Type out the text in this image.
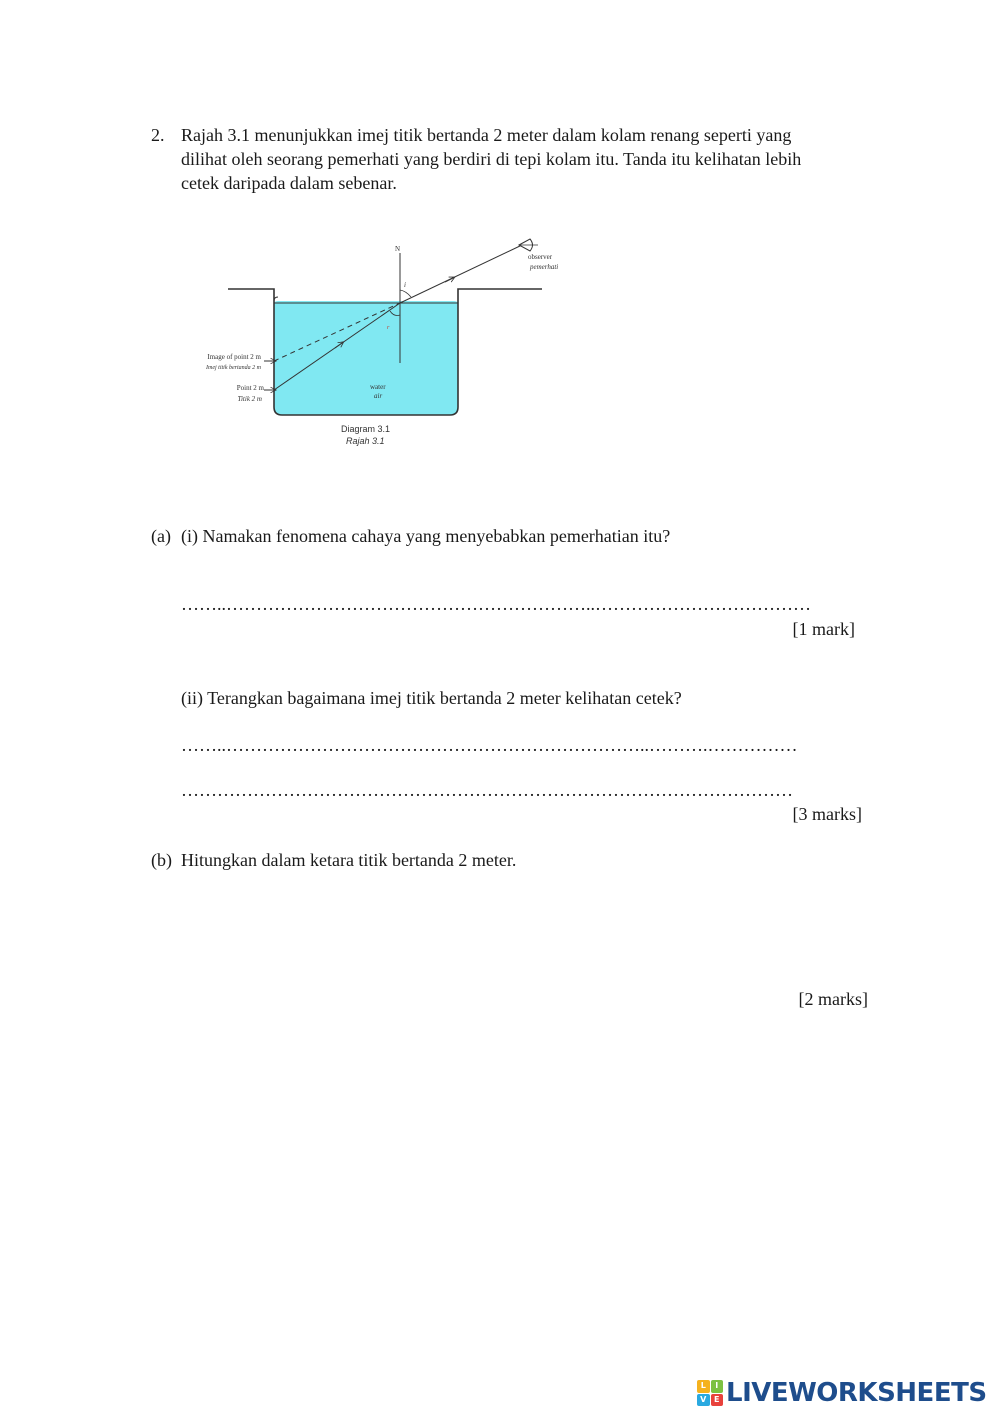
2. Rajah 3.1 menunjukkan imej titik bertanda 2 meter dalam kolam renang seperti yang
dilihat oleh seorang pemerhati yang berdiri di tepi kolam itu. Tanda itu kelihatan lebih
cetek daripada dalam sebenar.
N
i
r
observer
pemerhati
Image of point 2 m
Imej titik bertanda 2 m
Point 2 m
Titik 2 m
water
air
Diagram 3.1
Rajah 3.1
(a) (i) Namakan fenomena cahaya yang menyebabkan pemerhatian itu?
……..……………………………………………………..………………………………
[1 mark]
(ii) Terangkan bagaimana imej titik bertanda 2 meter kelihatan cetek?
……..……………………………………………………………..……….……………
…………………………………………………………………………………………
[3 marks]
(b) Hitungkan dalam ketara titik bertanda 2 meter.
[2 marks]
L	I
V E LIVEWORKSHEETS
